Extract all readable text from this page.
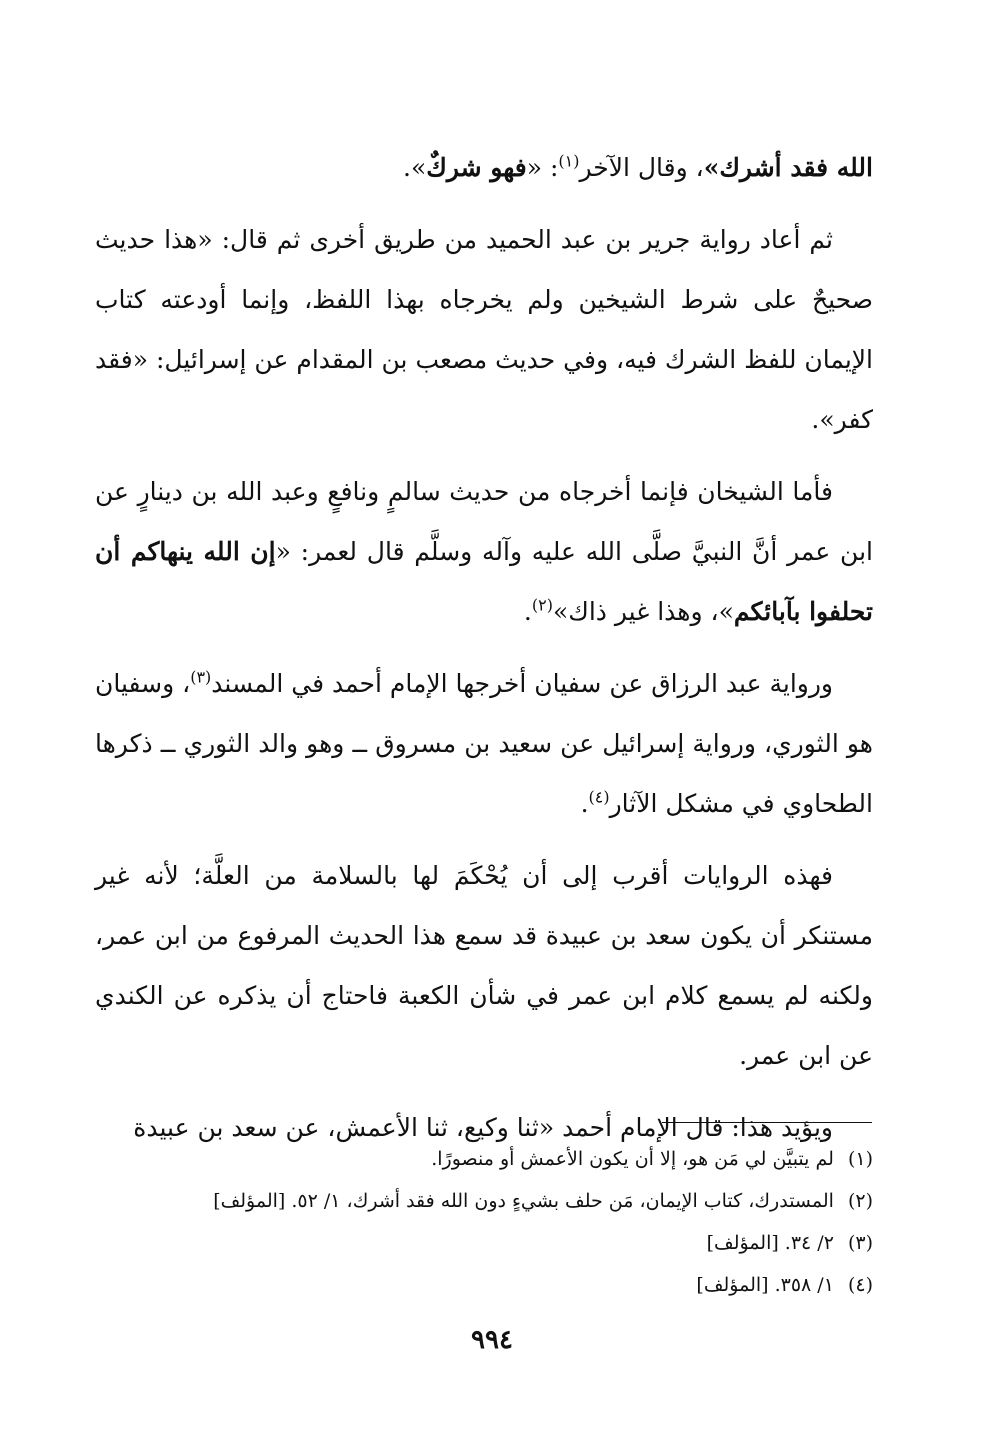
الله فقد أشرك»، وقال الآخر$^{(١)}$: «فهو شركٌ».

ثم أعاد رواية جرير بن عبد الحميد من طريق أخرى ثم قال: «هذا حديث صحيحٌ على شرط الشيخين ولم يخرجاه بهذا اللفظ، وإنما أودعته كتاب الإيمان للفظ الشرك فيه، وفي حديث مصعب بن المقدام عن إسرائيل: «فقد كفر».

فأما الشيخان فإنما أخرجاه من حديث سالمٍ ونافعٍ وعبد الله بن دينارٍ عن ابن عمر أنَّ النبيَّ صلَّى الله عليه وآله وسلَّم قال لعمر: «إن الله ينهاكم أن تحلفوا بآبائكم»، وهذا غير ذاك»$^{(٢)}$.

ورواية عبد الرزاق عن سفيان أخرجها الإمام أحمد في المسند$^{(٣)}$، وسفيان هو الثوري، ورواية إسرائيل عن سعيد بن مسروق ــ وهو والد الثوري ــ ذكرها الطحاوي في مشكل الآثار$^{(٤)}$.

فهذه الروايات أقرب إلى أن يُحْكَمَ لها بالسلامة من العلَّة؛ لأنه غير مستنكر أن يكون سعد بن عبيدة قد سمع هذا الحديث المرفوع من ابن عمر، ولكنه لم يسمع كلام ابن عمر في شأن الكعبة فاحتاج أن يذكره عن الكندي عن ابن عمر.

ويؤيد هذا: قال الإمام أحمد «ثنا وكيع، ثنا الأعمش، عن سعد بن عبيدة

(١)لم يتبيَّن لي مَن هو، إلا أن يكون الأعمش أو منصورًا.

(٢)المستدرك، كتاب الإيمان، مَن حلف بشيءٍ دون الله فقد أشرك، ١/ ٥٢. [المؤلف]

(٣)٢/ ٣٤. [المؤلف]

(٤)١/ ٣٥٨. [المؤلف]

٩٩٤
